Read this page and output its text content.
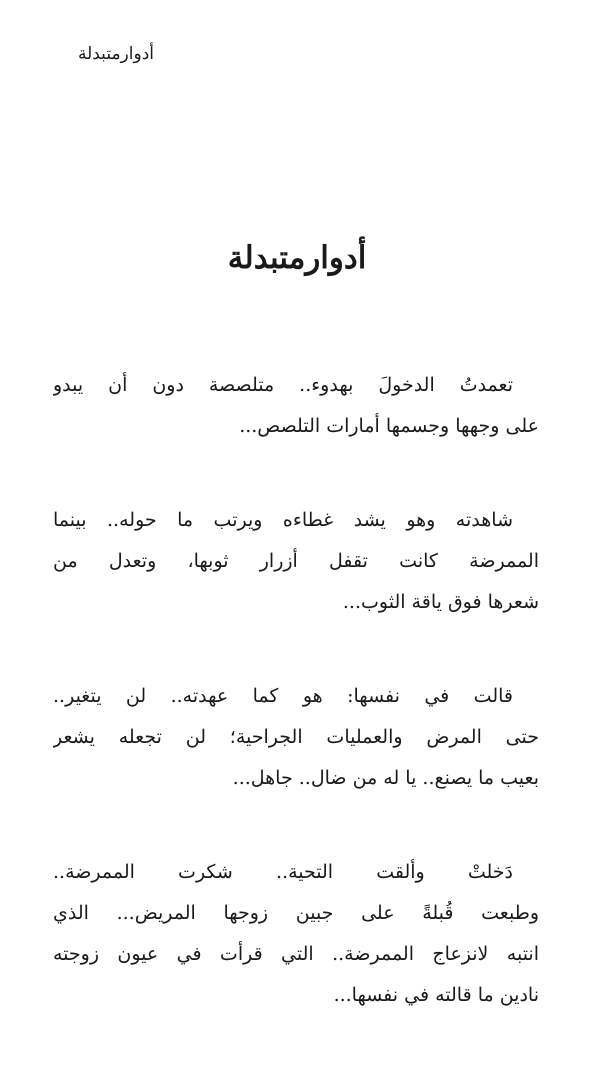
أدوارمتبدلة
أدوارمتبدلة
تعمدتُ الدخولَ بهدوء.. متلصصة دون أن يبدو
على وجهها وجسمها أمارات التلصص...
شاهدته وهو يشد غطاءه ويرتب ما حوله.. بينما
الممرضة كانت تقفل أزرار ثوبها، وتعدل من
شعرها فوق ياقة الثوب...
قالت في نفسها: هو كما عهدته.. لن يتغير..
حتى المرض والعمليات الجراحية؛ لن تجعله يشعر
بعيب ما يصنع.. يا له من ضال.. جاهل...
دَخلتْ وألقت التحية.. شكرت الممرضة..
وطبعت قُبلةً على جبين زوجها المريض... الذي
انتبه لانزعاج الممرضة.. التي قرأت في عيون زوجته
نادين ما قالته في نفسها...
